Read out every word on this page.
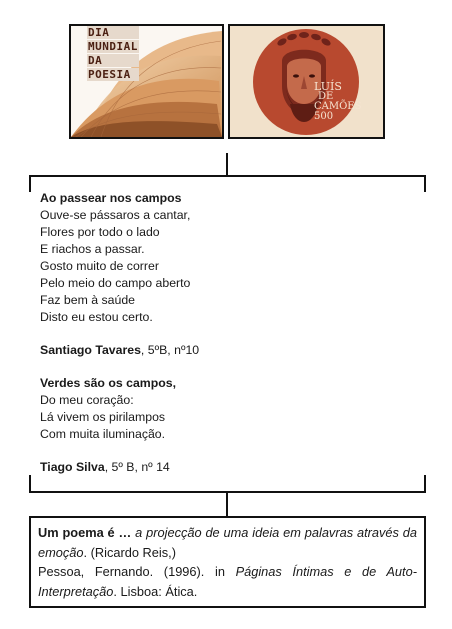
DIA
MUNDIAL
DA
POESIA
LUÍS
DE
CAMÕES
500

Ao passear nos campos

Ouve-se pássaros a cantar,

Flores por todo o lado

E riachos a passar.

Gosto muito de correr

Pelo meio do campo aberto

Faz bem à saúde

Disto eu estou certo.

Santiago Tavares, 5ºB, nº10

Verdes são os campos,

Do meu coração:

Lá vivem os pirilampos

Com muita iluminação.

Tiago Silva, 5º B, nº 14

Um poema é … a projecção de uma ideia em palavras através da emoção. (Ricardo Reis,)

Pessoa, Fernando. (1996). in Páginas Íntimas e de Auto-Interpretação. Lisboa: Ática.
